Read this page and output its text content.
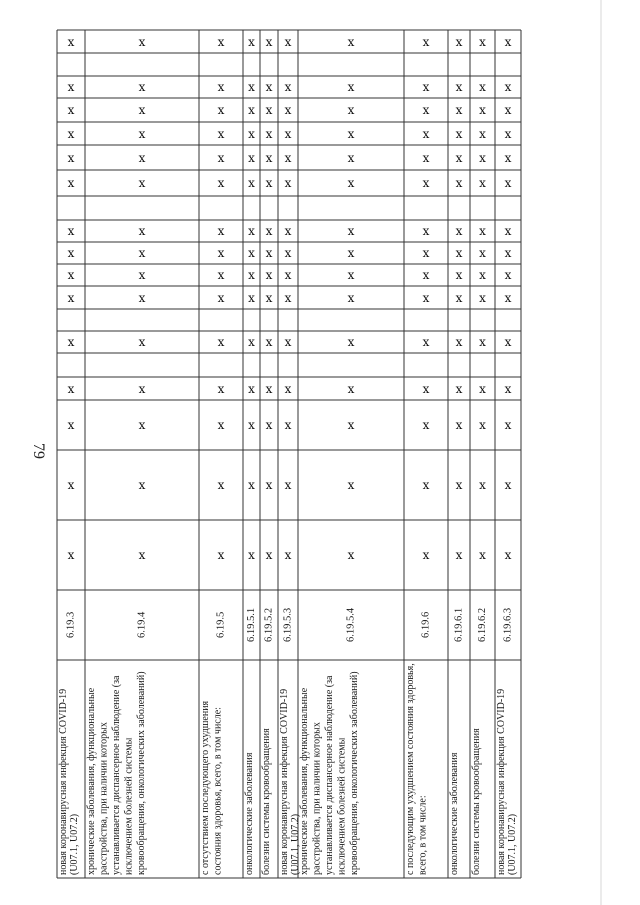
79
новая коронавирусная инфекция COVID-19 (U07.1, U07.2)
6.19.3
х
х
х
х
х
х
х
х
х
х
х
х
х
х
х
хронические заболевания, функциональные расстройства, при наличии которых устанавливается диспансерное наблюдение (за исключением болезней системы кровообращения, онкологических заболеваний)
6.19.4
х
х
х
х
х
х
х
х
х
х
х
х
х
х
х
с отсутствием последующего ухудшения состояния здоровья, всего, в том числе:
6.19.5
х
х
х
х
х
х
х
х
х
х
х
х
х
х
х
онкологические заболевания
6.19.5.1
х
х
х
х
х
х
х
х
х
х
х
х
х
х
х
болезни системы кровообращения
6.19.5.2
х
х
х
х
х
х
х
х
х
х
х
х
х
х
х
новая коронавирусная инфекция COVID-19 (U07.1, U07.2)
6.19.5.3
х
х
х
х
х
х
х
х
х
х
х
х
х
х
х
хронические заболевания, функциональные расстройства, при наличии которых устанавливается диспансерное наблюдение (за исключением болезней системы кровообращения, онкологических заболеваний)
6.19.5.4
х
х
х
х
х
х
х
х
х
х
х
х
х
х
х
с последующим ухудшением состояния здоровья, всего, в том числе:
6.19.6
х
х
х
х
х
х
х
х
х
х
х
х
х
х
х
онкологические заболевания
6.19.6.1
х
х
х
х
х
х
х
х
х
х
х
х
х
х
х
болезни системы кровообращения
6.19.6.2
х
х
х
х
х
х
х
х
х
х
х
х
х
х
х
новая коронавирусная инфекция COVID-19 (U07.1, U07.2)
6.19.6.3
х
х
х
х
х
х
х
х
х
х
х
х
х
х
х
